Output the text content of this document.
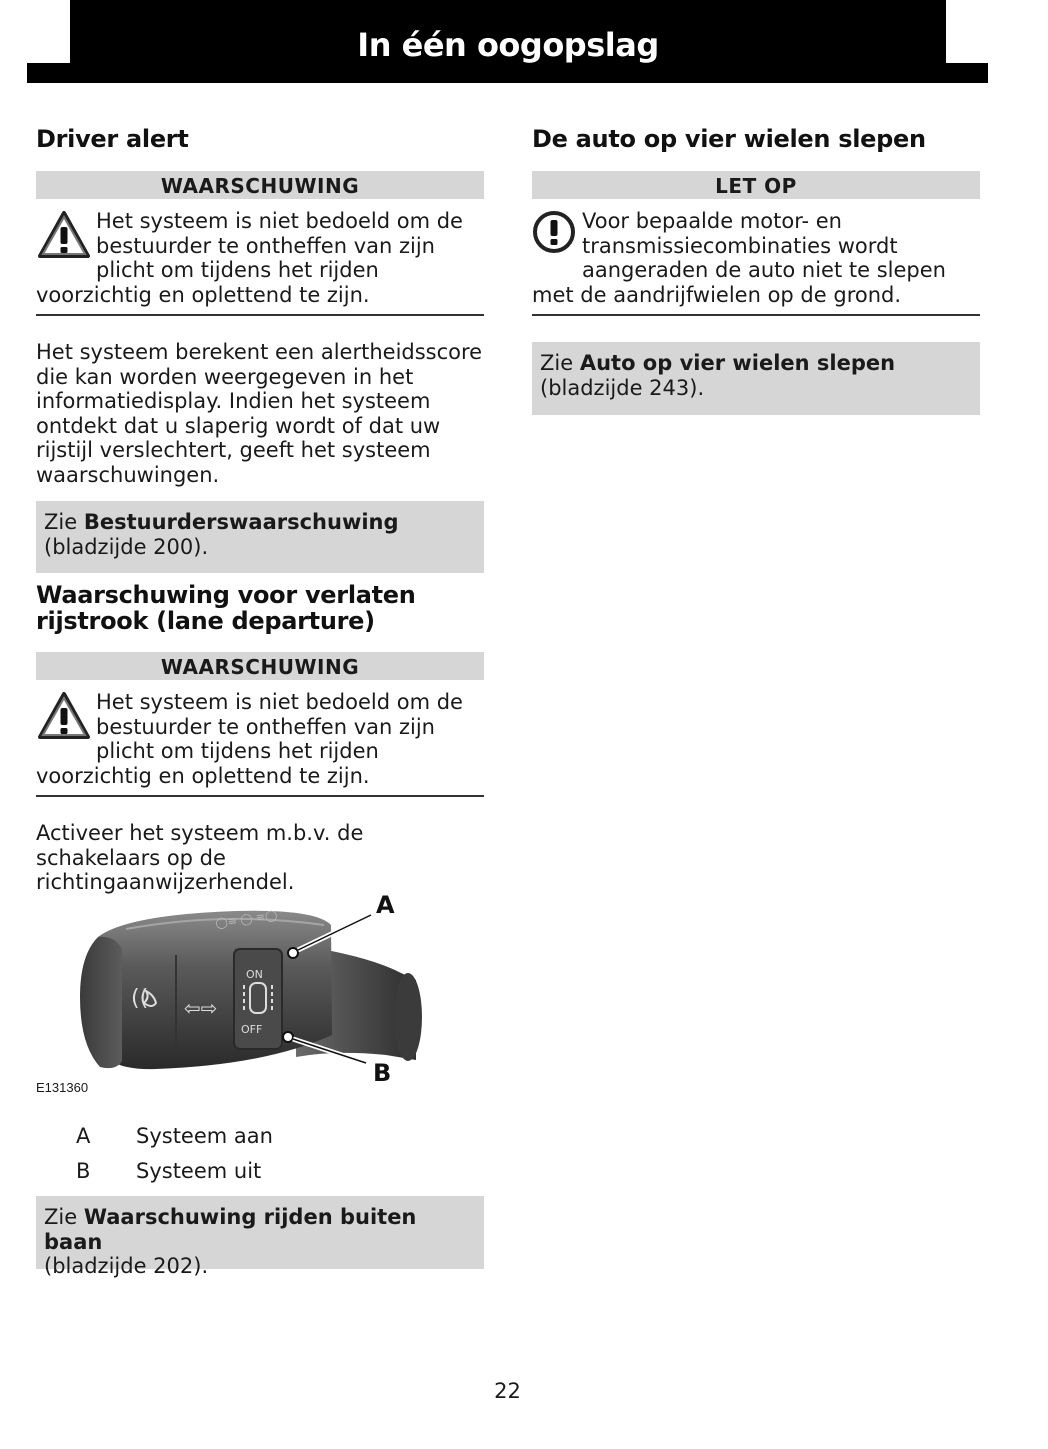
In één oogopslag
Driver alert
WAARSCHUWING
Het systeem is niet bedoeld om de bestuurder te ontheffen van zijn plicht om tijdens het rijden voorzichtig en oplettend te zijn.
Het systeem berekent een alertheidsscore die kan worden weergegeven in het informatiedisplay. Indien het systeem ontdekt dat u slaperig wordt of dat uw rijstijl verslechtert, geeft het systeem waarschuwingen.
Zie Bestuurderswaarschuwing
(bladzijde 200).
Waarschuwing voor verlaten
rijstrook (lane departure)
WAARSCHUWING
Het systeem is niet bedoeld om de bestuurder te ontheffen van zijn plicht om tijdens het rijden voorzichtig en oplettend te zijn.
Activeer het systeem m.b.v. de schakelaars op de richtingaanwijzerhendel.
◯≡ ◯ ≡◯
(( ⇦⇨
ON
OFF
A
B
E131360
A Systeem aan
B Systeem uit
Zie Waarschuwing rijden buiten baan
(bladzijde 202).
De auto op vier wielen slepen
LET OP
Voor bepaalde motor- en transmissiecombinaties wordt aangeraden de auto niet te slepen met de aandrijfwielen op de grond.
Zie Auto op vier wielen slepen
(bladzijde 243).
22
